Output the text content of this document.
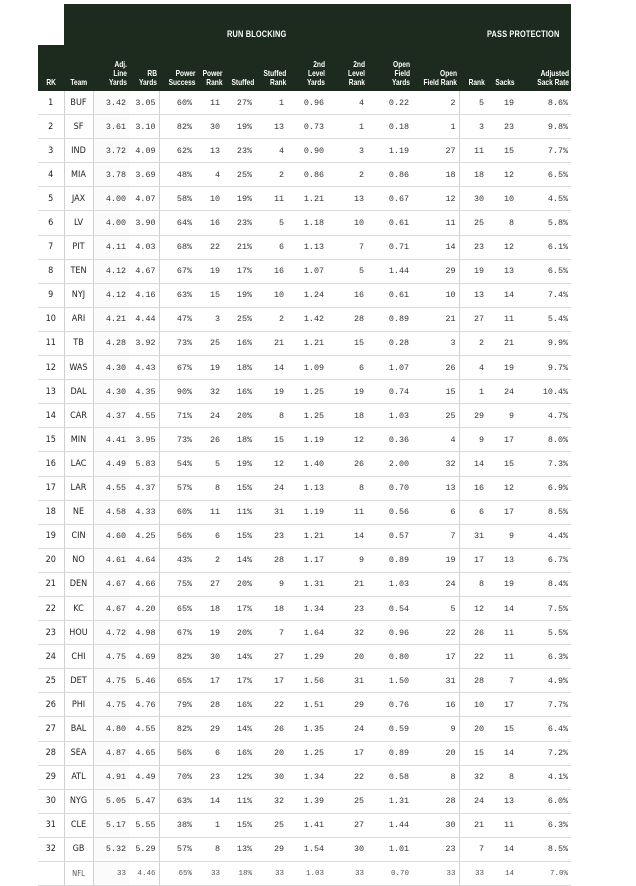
RUN BLOCKING	PASS PROTECTION
RK	Team	Adj. Line Yards	RB Yards	Power Success	Power Rank	Stuffed	Stuffed Rank	2nd Level Yards	2nd Level Rank	Open Field Yards	Open Field Rank	Rank	Sacks	Adjusted Sack Rate
1	BUF	3.42	3.05	60%	11	27%	1	0.96	4	0.22	2	5	19	8.6%
2	SF	3.61	3.10	82%	30	19%	13	0.73	1	0.18	1	3	23	9.8%
3	IND	3.72	4.09	62%	13	23%	4	0.90	3	1.19	27	11	15	7.7%
4	MIA	3.78	3.69	48%	4	25%	2	0.86	2	0.86	18	18	12	6.5%
5	JAX	4.00	4.07	58%	10	19%	11	1.21	13	0.67	12	30	10	4.5%
6	LV	4.00	3.90	64%	16	23%	5	1.18	10	0.61	11	25	8	5.8%
7	PIT	4.11	4.03	68%	22	21%	6	1.13	7	0.71	14	23	12	6.1%
8	TEN	4.12	4.67	67%	19	17%	16	1.07	5	1.44	29	19	13	6.5%
9	NYJ	4.12	4.16	63%	15	19%	10	1.24	16	0.61	10	13	14	7.4%
10	ARI	4.21	4.44	47%	3	25%	2	1.42	28	0.89	21	27	11	5.4%
11	TB	4.28	3.92	73%	25	16%	21	1.21	15	0.28	3	2	21	9.9%
12	WAS	4.30	4.43	67%	19	18%	14	1.09	6	1.07	26	4	19	9.7%
13	DAL	4.30	4.35	90%	32	16%	19	1.25	19	0.74	15	1	24	10.4%
14	CAR	4.37	4.55	71%	24	20%	8	1.25	18	1.03	25	29	9	4.7%
15	MIN	4.41	3.95	73%	26	18%	15	1.19	12	0.36	4	9	17	8.0%
16	LAC	4.49	5.83	54%	5	19%	12	1.40	26	2.00	32	14	15	7.3%
17	LAR	4.55	4.37	57%	8	15%	24	1.13	8	0.70	13	16	12	6.9%
18	NE	4.58	4.33	60%	11	11%	31	1.19	11	0.56	6	6	17	8.5%
19	CIN	4.60	4.25	56%	6	15%	23	1.21	14	0.57	7	31	9	4.4%
20	NO	4.61	4.64	43%	2	14%	28	1.17	9	0.89	19	17	13	6.7%
21	DEN	4.67	4.66	75%	27	20%	9	1.31	21	1.03	24	8	19	8.4%
22	KC	4.67	4.20	65%	18	17%	18	1.34	23	0.54	5	12	14	7.5%
23	HOU	4.72	4.98	67%	19	20%	7	1.64	32	0.96	22	26	11	5.5%
24	CHI	4.75	4.69	82%	30	14%	27	1.29	20	0.80	17	22	11	6.3%
25	DET	4.75	5.46	65%	17	17%	17	1.56	31	1.50	31	28	7	4.9%
26	PHI	4.75	4.76	79%	28	16%	22	1.51	29	0.76	16	10	17	7.7%
27	BAL	4.80	4.55	82%	29	14%	26	1.35	24	0.59	9	20	15	6.4%
28	SEA	4.87	4.65	56%	6	16%	20	1.25	17	0.89	20	15	14	7.2%
29	ATL	4.91	4.49	70%	23	12%	30	1.34	22	0.58	8	32	8	4.1%
30	NYG	5.05	5.47	63%	14	11%	32	1.39	25	1.31	28	24	13	6.0%
31	CLE	5.17	5.55	38%	1	15%	25	1.41	27	1.44	30	21	11	6.3%
32	GB	5.32	5.29	57%	8	13%	29	1.54	30	1.01	23	7	14	8.5%
	NFL	33	4.46	65%	33	18%	33	1.03	33	0.70	33	33	14	7.0%
